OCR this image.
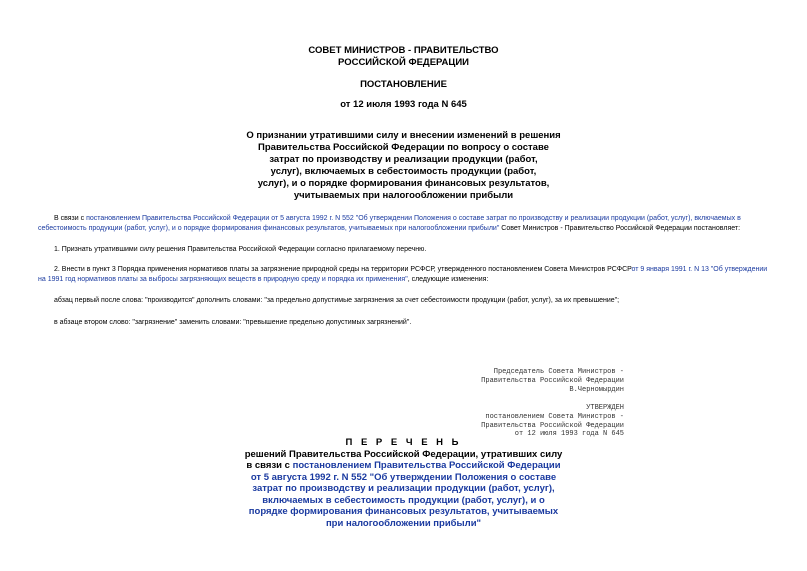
СОВЕТ МИНИСТРОВ - ПРАВИТЕЛЬСТВО
РОССИЙСКОЙ ФЕДЕРАЦИИ
ПОСТАНОВЛЕНИЕ
от 12 июля 1993 года N 645
О признании утратившими силу и внесении изменений в решения
Правительства Российской Федерации по вопросу о составе
затрат по производству и реализации продукции (работ,
услуг), включаемых в себестоимость продукции (работ,
услуг), и о порядке формирования финансовых результатов,
учитываемых при налогообложении прибыли
В связи с постановлением Правительства Российской Федерации от 5 августа 1992 г. N 552 "Об утверждении Положения о составе затрат по производству и реализации продукции (работ, услуг), включаемых в себестоимость продукции (работ, услуг), и о порядке формирования финансовых результатов, учитываемых при налогообложении прибыли" Совет Министров - Правительство Российской Федерации постановляет:
1. Признать утратившими силу решения Правительства Российской Федерации согласно прилагаемому перечню.
2. Внести в пункт 3 Порядка применения нормативов платы за загрязнение природной среды на территории РСФСР, утвержденного постановлением Совета Министров РСФСРот 9 января 1991 г. N 13 "Об утверждении на 1991 год нормативов платы за выбросы загрязняющих веществ в природную среду и порядка их применения", следующие изменения:
абзац первый после слова: "производится" дополнить словами: "за предельно допустимые загрязнения за счет себестоимости продукции (работ, услуг), за их превышение";
в абзаце втором слово: "загрязнение" заменить словами: "превышение предельно допустимых загрязнений".
Председатель Совета Министров -
Правительства Российской Федерации
В.Черномырдин
УТВЕРЖДЕН
постановлением Совета Министров -
Правительства Российской Федерации
от 12 июля 1993 года N 645
П Е Р Е Ч Е Н Ь
решений Правительства Российской Федерации, утративших силу
в связи с постановлением Правительства Российской Федерации
от 5 августа 1992 г. N 552 "Об утверждении Положения о составе
затрат по производству и реализации продукции (работ, услуг),
включаемых в себестоимость продукции (работ, услуг), и о
порядке формирования финансовых результатов, учитываемых
при налогообложении прибыли"
